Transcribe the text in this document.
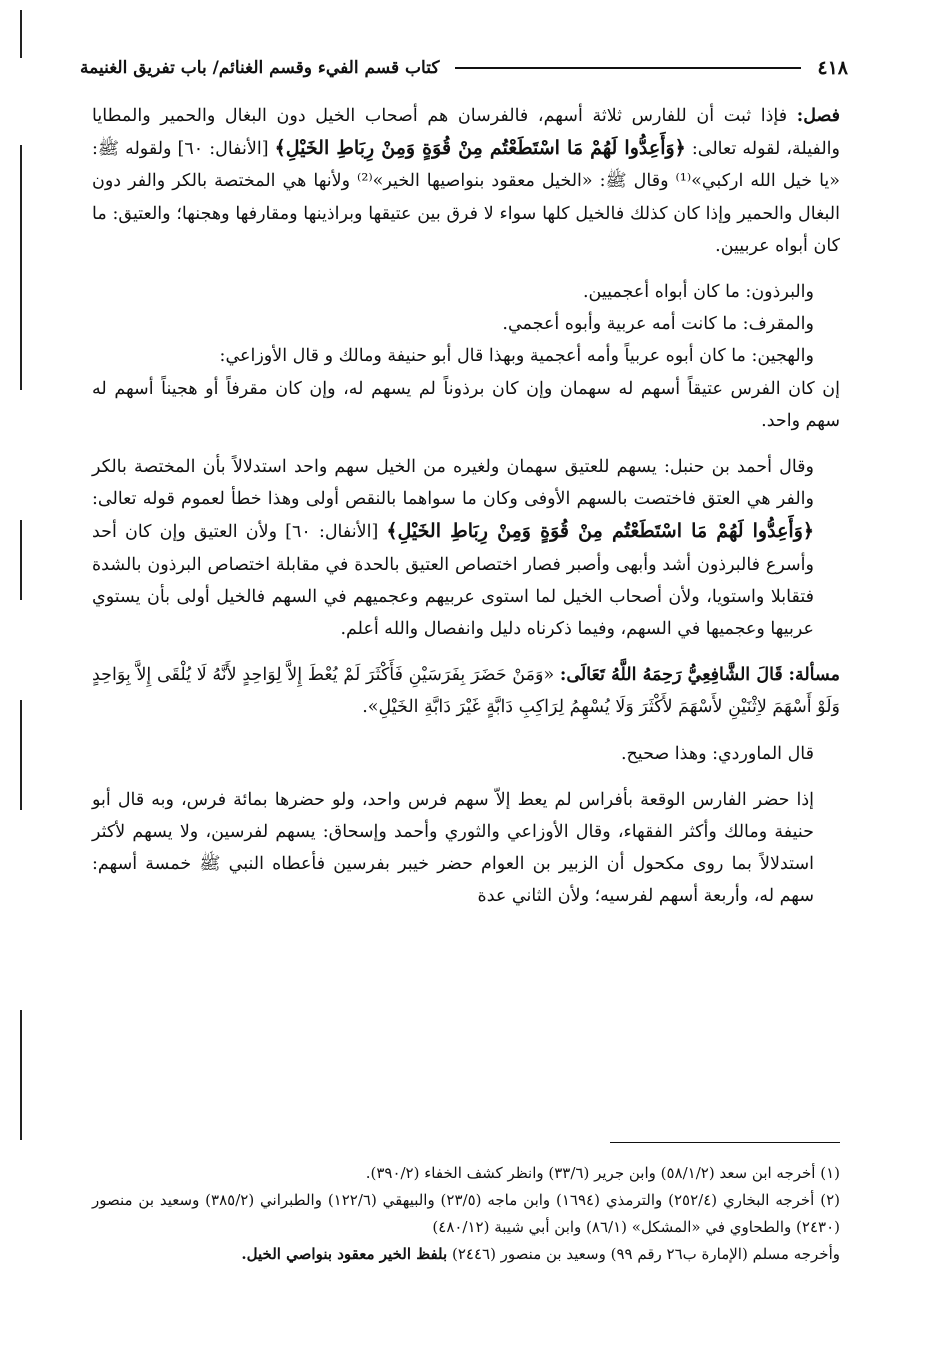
٤١٨
كتاب قسم الفيء وقسم الغنائم/ باب تفريق الغنيمة

فصل: فإذا ثبت أن للفارس ثلاثة أسهم، فالفرسان هم أصحاب الخيل دون البغال والحمير والمطايا والفيلة، لقوله تعالى: ﴿وَأَعِدُّوا لَهُمْ مَا اسْتَطَعْتُم مِنْ قُوَةٍ وَمِنْ رِبَاطِ الخَيْلِ﴾ [الأنفال: ٦٠] ولقوله ﷺ: «يا خيل الله اركبي»⁽¹⁾ وقال ﷺ: «الخيل معقود بنواصيها الخير»⁽²⁾ ولأنها هي المختصة بالكر والفر دون البغال والحمير وإذا كان كذلك فالخيل كلها سواء لا فرق بين عتيقها وبراذينها ومقارفها وهجنها؛ والعتيق: ما كان أبواه عربيين.

والبرذون: ما كان أبواه أعجميين.

والمقرف: ما كانت أمه عربية وأبوه أعجمي.

والهجين: ما كان أبوه عربياً وأمه أعجمية وبهذا قال أبو حنيفة ومالك و قال الأوزاعي:

إن كان الفرس عتيقاً أسهم له سهمان وإن كان برذوناً لم يسهم له، وإن كان مقرفاً أو هجيناً أسهم له سهم واحد.

وقال أحمد بن حنبل: يسهم للعتيق سهمان ولغيره من الخيل سهم واحد استدلالاً بأن المختصة بالكر والفر هي العتق فاختصت بالسهم الأوفى وكان ما سواهما بالنقص أولى وهذا خطأ لعموم قوله تعالى: ﴿وَأَعِدُّوا لَهُمْ مَا اسْتَطَعْتُم مِنْ قُوَةٍ وَمِنْ رِبَاطِ الخَيْلِ﴾ [الأنفال: ٦٠] ولأن العتيق وإن كان أحد وأسرع فالبرذون أشد وأبهى وأصبر فصار اختصاص العتيق بالحدة في مقابلة اختصاص البرذون بالشدة فتقابلا واستويا، ولأن أصحاب الخيل لما استوى عربيهم وعجميهم في السهم فالخيل أولى بأن يستوي عربيها وعجميها في السهم، وفيما ذكرناه دليل وانفصال والله أعلم.

مسألة: قَالَ الشَّافِعِيُّ رَحِمَهُ اللَّهُ تَعَالَى: «وَمَنْ حَضَرَ بِفَرَسَيْنِ فَأَكْثَرَ لَمْ يُعْطَ إِلاَّ لِوَاحِدٍ لأَنَّهُ لَا يُلْقَى إِلاَّ بِوَاحِدٍ وَلَوْ أَسْهَمَ لاِثْنَيْنِ لأَسْهَمَ لأَكْثَرَ وَلَا يُسْهِمُ لِرَاكِبِ دَابَّةٍ غَيْرَ دَابَّةِ الخَيْلِ».

قال الماوردي: وهذا صحيح.

إذا حضر الفارس الوقعة بأفراس لم يعط إلاّ سهم فرس واحد، ولو حضرها بمائة فرس، وبه قال أبو حنيفة ومالك وأكثر الفقهاء، وقال الأوزاعي والثوري وأحمد وإسحاق: يسهم لفرسين، ولا يسهم لأكثر استدلالاً بما روى مكحول أن الزبير بن العوام حضر خيبر بفرسين فأعطاه النبي ﷺ خمسة أسهم: سهم له، وأربعة أسهم لفرسيه؛ ولأن الثاني عدة

(١) أخرجه ابن سعد (٥٨/١/٢) وابن جرير (٣٣/٦) وانظر كشف الخفاء (٣٩٠/٢).

(٢) أخرجه البخاري (٢٥٢/٤) والترمذي (١٦٩٤) وابن ماجه (٢٣/٥) والبيهقي (١٢٢/٦) والطبراني (٣٨٥/٢) وسعيد بن منصور (٢٤٣٠) والطحاوي في «المشكل» (٨٦/١) وابن أبي شيبة (٤٨٠/١٢)

وأخرجه مسلم (الإمارة ب٢٦ رقم ٩٩) وسعيد بن منصور (٢٤٤٦) بلفظ الخير معقود بنواصي الخيل.
